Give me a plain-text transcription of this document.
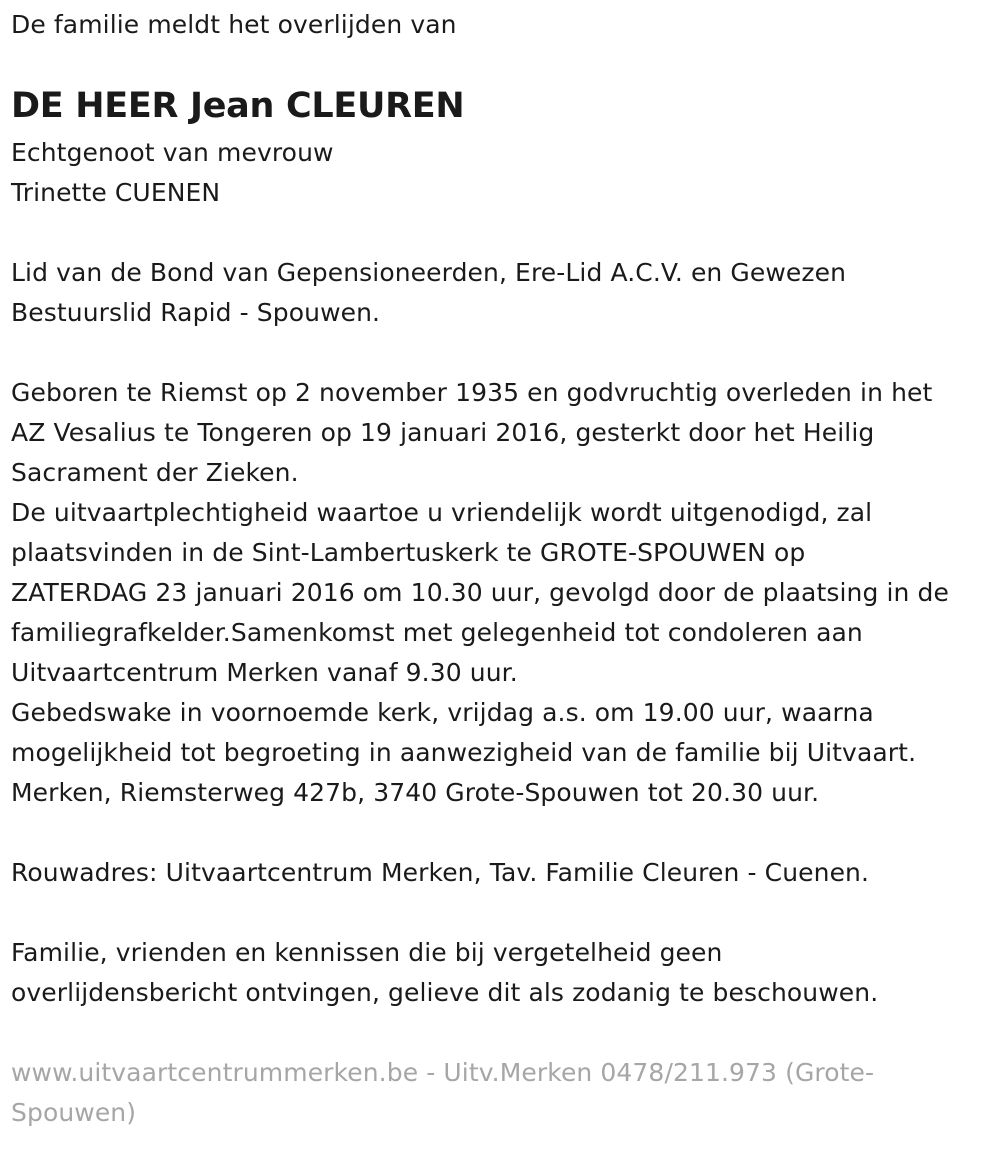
De familie meldt het overlijden van
DE HEER Jean CLEUREN
Echtgenoot van mevrouw
Trinette CUENEN
Lid van de Bond van Gepensioneerden, Ere-Lid A.C.V. en Gewezen
Bestuurslid Rapid - Spouwen.
Geboren te Riemst op 2 november 1935 en godvruchtig overleden in het
AZ Vesalius te Tongeren op 19 januari 2016, gesterkt door het Heilig
Sacrament der Zieken.
De uitvaartplechtigheid waartoe u vriendelijk wordt uitgenodigd, zal
plaatsvinden in de Sint-Lambertuskerk te GROTE-SPOUWEN op
ZATERDAG 23 januari 2016 om 10.30 uur, gevolgd door de plaatsing in de
familiegrafkelder.Samenkomst met gelegenheid tot condoleren aan
Uitvaartcentrum Merken vanaf 9.30 uur.
Gebedswake in voornoemde kerk, vrijdag a.s. om 19.00 uur, waarna
mogelijkheid tot begroeting in aanwezigheid van de familie bij Uitvaart.
Merken, Riemsterweg 427b, 3740 Grote-Spouwen tot 20.30 uur.
Rouwadres: Uitvaartcentrum Merken, Tav. Familie Cleuren - Cuenen.
Familie, vrienden en kennissen die bij vergetelheid geen
overlijdensbericht ontvingen, gelieve dit als zodanig te beschouwen.
www.uitvaartcentrummerken.be - Uitv.Merken 0478/211.973 (Grote-
Spouwen)
